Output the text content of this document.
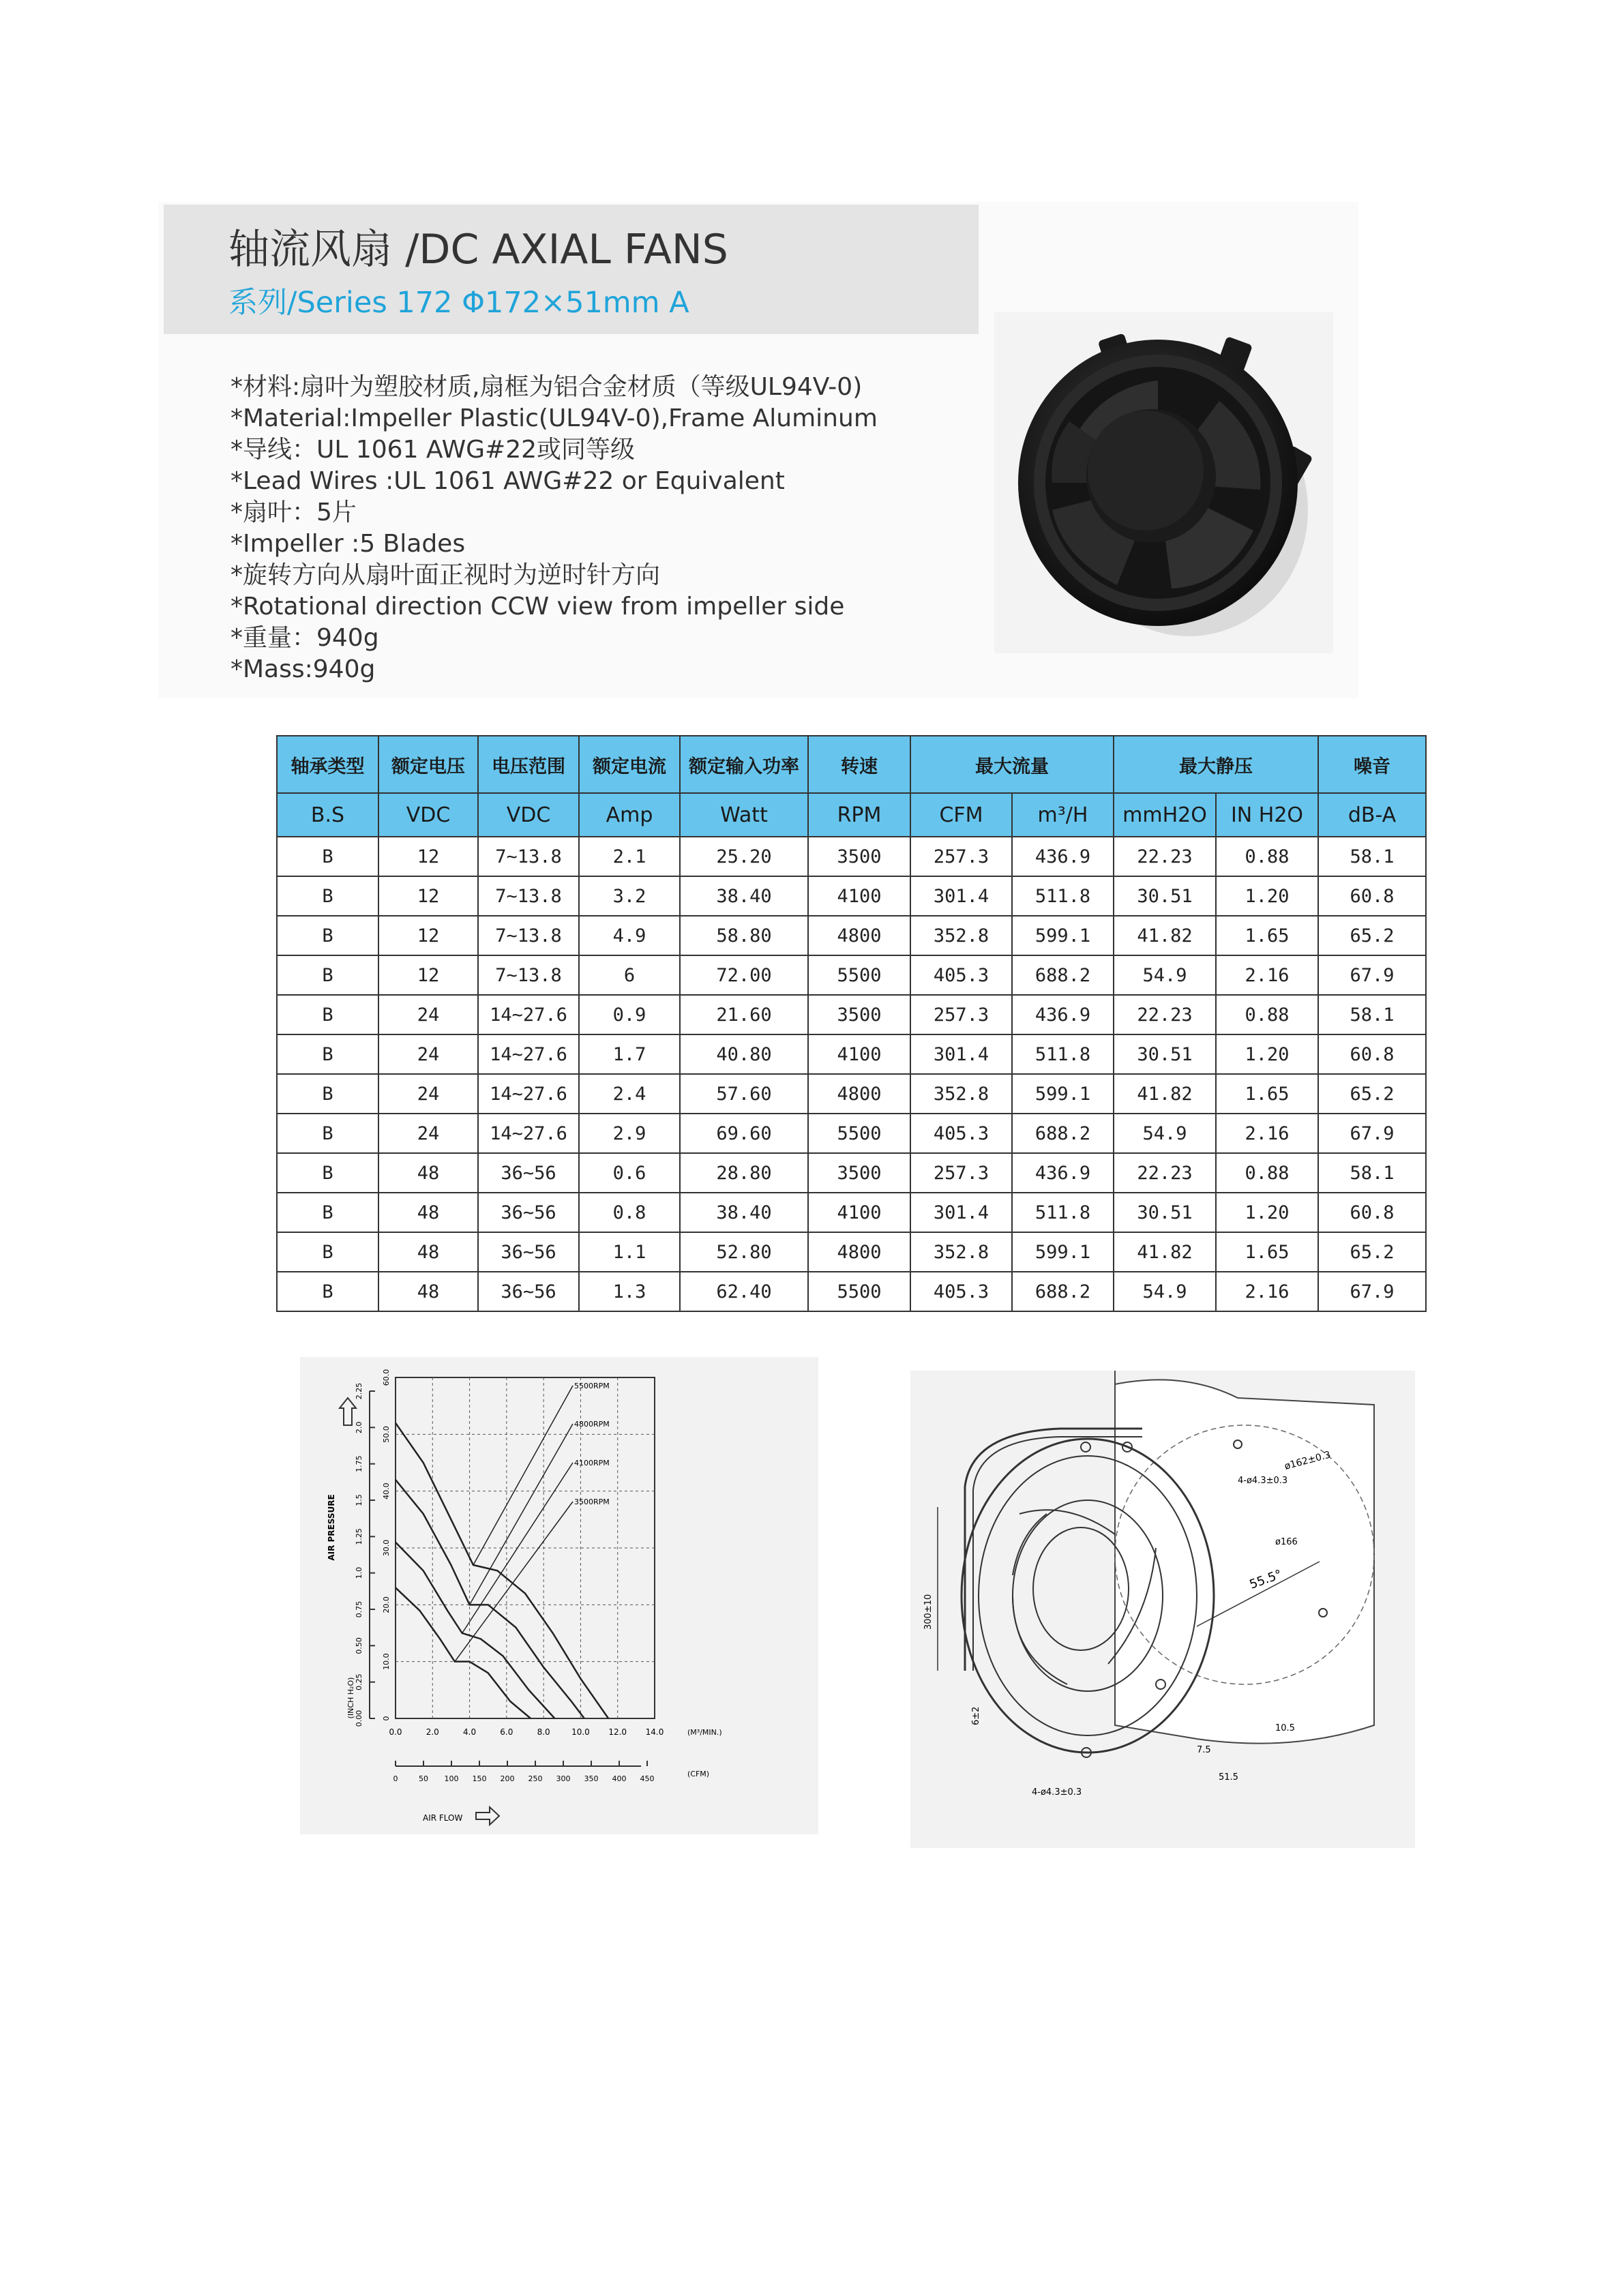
轴流风扇 /DC AXIAL FANS
系列/Series 172 Φ172×51mm A
*材料:扇叶为塑胶材质,扇框为铝合金材质（等级UL94V-0)
*Material:Impeller Plastic(UL94V-0),Frame Aluminum
*导线：UL 1061 AWG#22或同等级
*Lead Wires :UL 1061 AWG#22 or Equivalent
*扇叶：5片
*Impeller :5 Blades
*旋转方向从扇叶面正视时为逆时针方向
*Rotational direction CCW view from impeller side
*重量：940g
*Mass:940g
轴承类型	额定电压	电压范围	额定电流	额定输入功率	转速	最大流量		最大静压		噪音
B.S	VDC	VDC	Amp	Watt	RPM	CFM	m³/H	mmH2O	IN H2O	dB-A
B	12	7~13.8	2.1	25.20	3500	257.3	436.9	22.23	0.88	58.1
B	12	7~13.8	3.2	38.40	4100	301.4	511.8	30.51	1.20	60.8
B	12	7~13.8	4.9	58.80	4800	352.8	599.1	41.82	1.65	65.2
B	12	7~13.8	6	72.00	5500	405.3	688.2	54.9	2.16	67.9
B	24	14~27.6	0.9	21.60	3500	257.3	436.9	22.23	0.88	58.1
B	24	14~27.6	1.7	40.80	4100	301.4	511.8	30.51	1.20	60.8
B	24	14~27.6	2.4	57.60	4800	352.8	599.1	41.82	1.65	65.2
B	24	14~27.6	2.9	69.60	5500	405.3	688.2	54.9	2.16	67.9
B	48	36~56	0.6	28.80	3500	257.3	436.9	22.23	0.88	58.1
B	48	36~56	0.8	38.40	4100	301.4	511.8	30.51	1.20	60.8
B	48	36~56	1.1	52.80	4800	352.8	599.1	41.82	1.65	65.2
B	48	36~56	1.3	62.40	5500	405.3	688.2	54.9	2.16	67.9
5500RPM
4800RPM
4100RPM
3500RPM
0.0	2.0	4.0	6.0	8.0	10.0 12.0 14.0
0	50 100 150 200 250 300 350 400 450
0
10.0
20.0
30.0
40.0
50.0
60.0
0.00
0.25
0.50
0.75
1.0
1.25
1.5
1.75
2.0
2.25
AIR PRESSURE
(INCH H₂O)
AIR FLOW
(M³/MIN.)
(CFM)
ø162±0.3
4-ø4.3±0.3
ø166
55.5°
10.5
7.5
51.5
300±10
6±2
4-ø4.3±0.3
